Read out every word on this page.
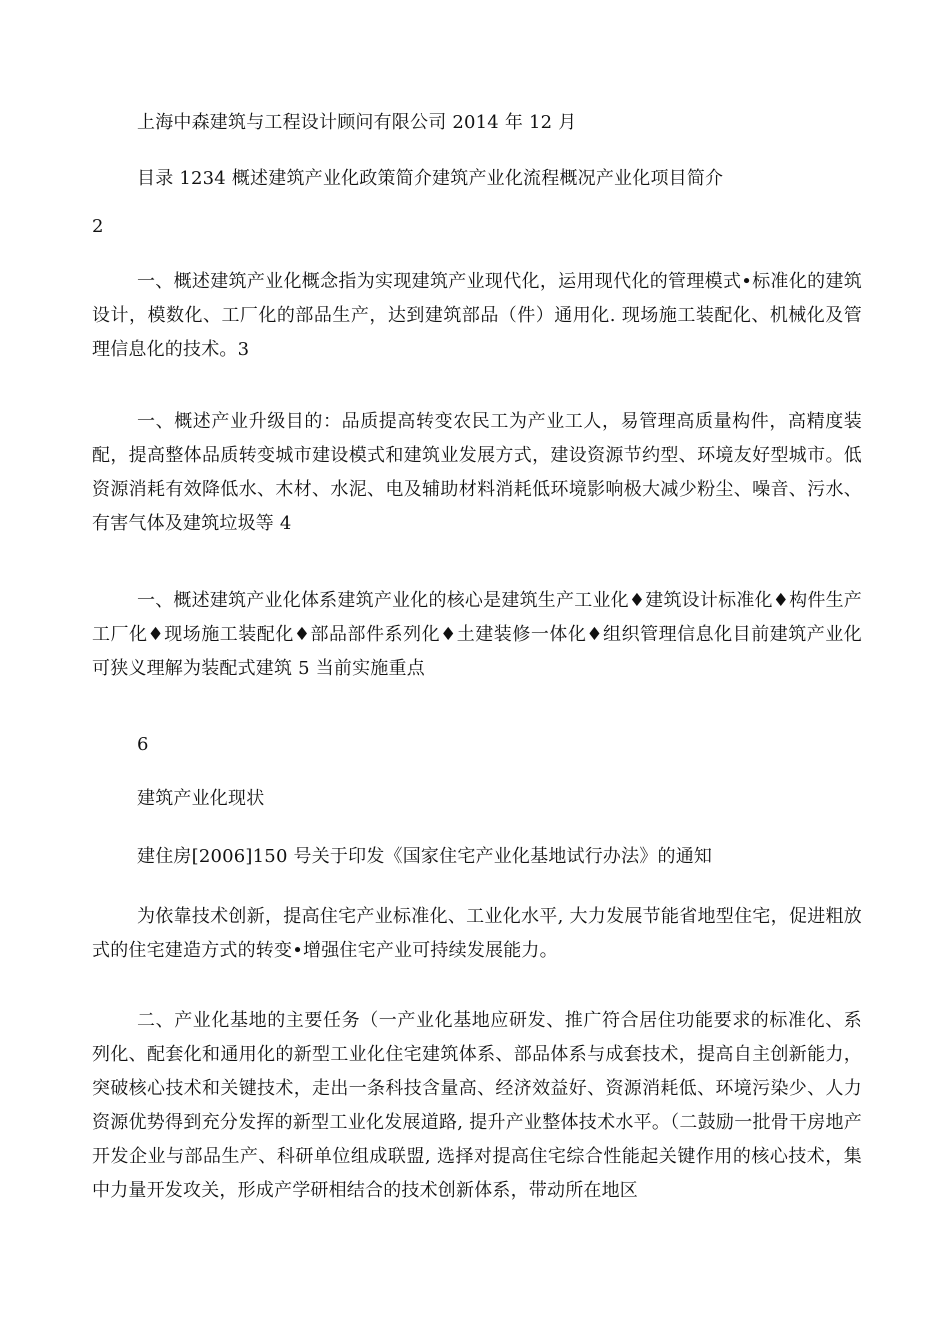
上海中森建筑与工程设计顾问有限公司 2014 年 12 月

目录 1234 概述建筑产业化政策简介建筑产业化流程概况产业化项目简介

2

一、概述建筑产业化概念指为实现建筑产业现代化，运用现代化的管理模式•标准化的建筑设计，模数化、工厂化的部品生产，达到建筑部品（件）通用化. 现场施工装配化、机械化及管理信息化的技术。3

一、概述产业升级目的：品质提高转变农民工为产业工人，易管理高质量构件，高精度装配，提高整体品质转变城市建设模式和建筑业发展方式，建设资源节约型、环境友好型城市。低资源消耗有效降低水、木材、水泥、电及辅助材料消耗低环境影响极大减少粉尘、噪音、污水、有害气体及建筑垃圾等 4

一、概述建筑产业化体系建筑产业化的核心是建筑生产工业化♦建筑设计标准化♦构件生产工厂化♦现场施工装配化♦部品部件系列化♦土建装修一体化♦组织管理信息化目前建筑产业化可狭义理解为装配式建筑 5 当前实施重点

6

建筑产业化现状

建住房[2006]150 号关于印发《国家住宅产业化基地试行办法》的通知

为依靠技术创新，提高住宅产业标准化、工业化水平, 大力发展节能省地型住宅，促进粗放式的住宅建造方式的转变•增强住宅产业可持续发展能力。

二、产业化基地的主要任务（一产业化基地应研发、推广符合居住功能要求的标准化、系列化、配套化和通用化的新型工业化住宅建筑体系、部品体系与成套技术，提高自主创新能力，突破核心技术和关键技术，走出一条科技含量高、经济效益好、资源消耗低、环境污染少、人力资源优势得到充分发挥的新型工业化发展道路, 提升产业整体技术水平。（二鼓励一批骨干房地产开发企业与部品生产、科研单位组成联盟, 选择对提高住宅综合性能起关键作用的核心技术，集中力量开发攻关，形成产学研相结合的技术创新体系，带动所在地区
